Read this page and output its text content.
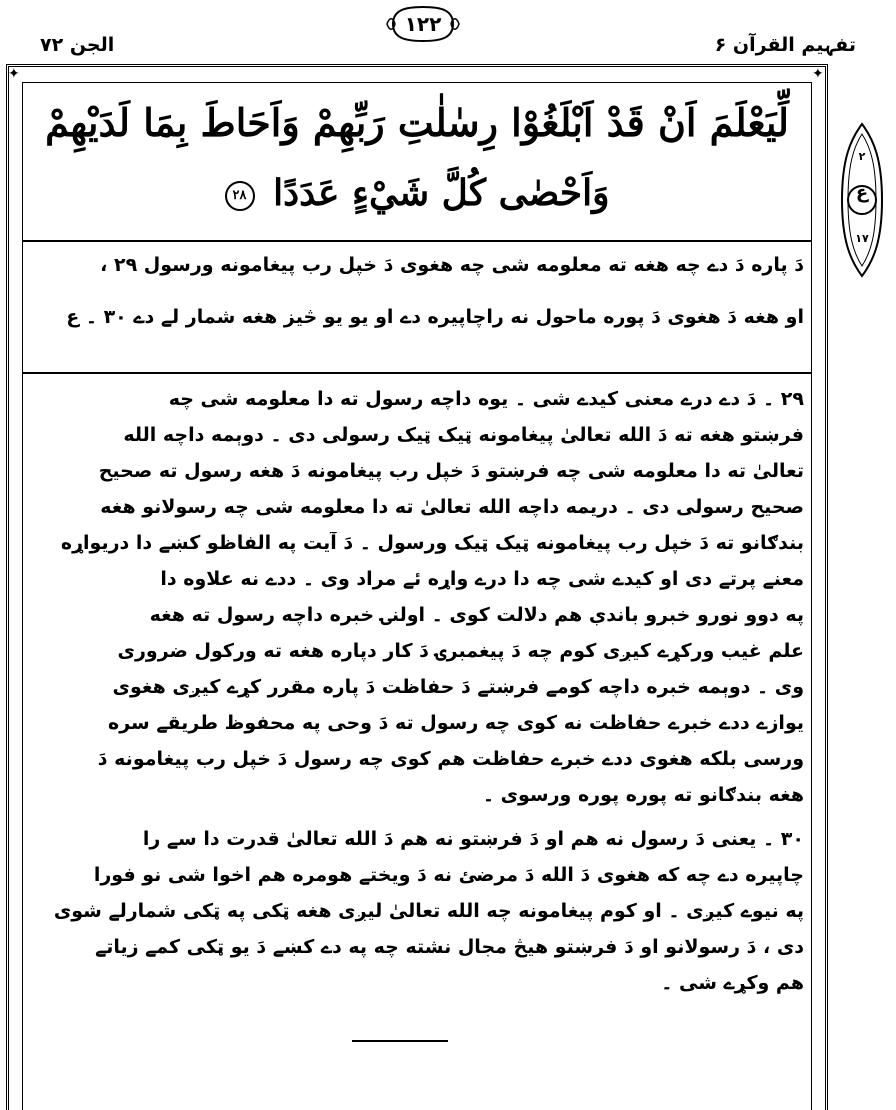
الجن ۷۲
۱۲۲
تفہیم القرآن ۶
✦	✦
لِّيَعْلَمَ اَنْ قَدْ اَبْلَغُوْا رِسٰلٰتِ رَبِّهِمْ وَاَحَاطَ بِمَا لَدَيْهِمْ
وَاَحْصٰى كُلَّ شَيْءٍ عَدَدًا ۲۸
دَ پاره دَ دے چه هغه ته معلومه شی چه هغوی دَ خپل رب پیغامونه ورسول ۲۹ ،
او هغه دَ هغوی دَ پوره ماحول نه راچاپیره دے او یو یو څیز هغه شمار لے دے ۳۰ ۔ ع
۲۹ ۔ دَ دے درے معنی کیدے شی ۔ یوه داچه رسول ته دا معلومه شی چه
فرښتو هغه ته دَ الله تعالیٰ پیغامونه ټیک ټیک رسولی دی ۔ دوېمه داچه الله
تعالیٰ ته دا معلومه شی چه فرښتو دَ خپل رب پیغامونه دَ هغه رسول ته صحیح
صحیح رسولی دی ۔ دریمه داچه الله تعالیٰ ته دا معلومه شی چه رسولانو هغه
بندګانو ته دَ خپل رب پیغامونه ټیک ټیک ورسول ۔ دَ آیت په الفاظو کښے دا دریواړه
معنے پرتے دی او کیدے شی چه دا درے واړه ئے مراد وی ۔ ددے نه علاوه دا
په دوو نورو خبرو باندې هم دلالت کوی ۔ اولنۍ خبره داچه رسول ته هغه
علم غیب ورکړے کیږی کوم چه دَ پیغمبرۍ دَ کار دپاره هغه ته ورکول ضروری
وی ۔ دوېمه خبره داچه کومے فرښتے دَ حفاظت دَ پاره مقرر کړے کیږی هغوی
یوازے ددے خبرے حفاظت نه کوی چه رسول ته دَ وحی په محفوظ طریقے سره
ورسی بلکه هغوی ددے خبرے حفاظت هم کوی چه رسول دَ خپل رب پیغامونه دَ
هغه بندګانو ته پوره پوره ورسوی ۔
۳۰ ۔ یعنی دَ رسول نه هم او دَ فرښتو نه هم دَ الله تعالیٰ قدرت دا سے را
چاپیره دے چه که هغوی دَ الله دَ مرضئ نه دَ ویختے هومره هم اخوا شی نو فورا
په نیوے کیږی ۔ او کوم پیغامونه چه الله تعالیٰ لیږی هغه ټکی په ټکی شمارلے شوی
دی ، دَ رسولانو او دَ فرښتو هیڅ مجال نشته چه په دے کښے دَ یو ټکی کمے زیاتے
هم وکړے شی ۔
۲
ع
۱۷
